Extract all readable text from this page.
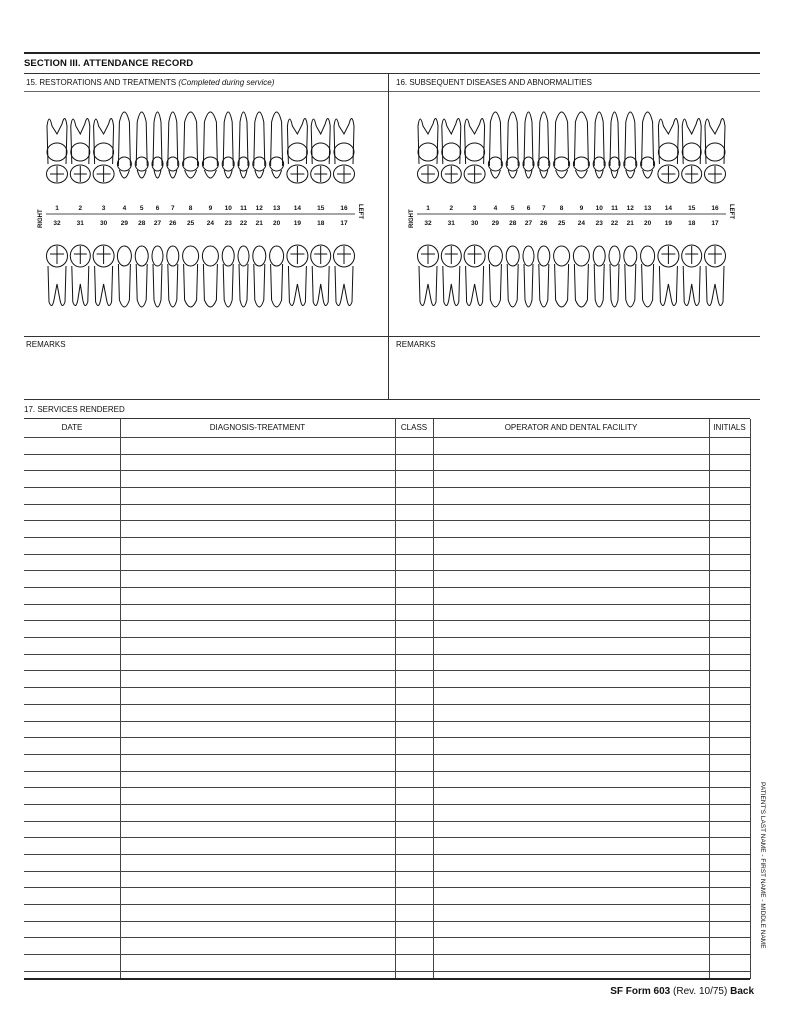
SECTION III. ATTENDANCE RECORD
15. RESTORATIONS AND TREATMENTS (Completed during service)	16. SUBSEQUENT DISEASES AND ABNORMALITIES
1
32
2
31
3
30
4
29
5
28
6
27
7
26
8
25
9
24
10
23
11
22
12
21
13
20
14
19
15
18
16
17
RIGHT	LEFT	1
32
2
31
3
30
4
29
5
28
6
27
7
26
8
25
9
24
10
23
11
22
12
21
13
20
14
19
15
18
16
17
RIGHT	LEFT
REMARKS	REMARKS
17. SERVICES RENDERED
DATE	DIAGNOSIS-TREATMENT	CLASS	OPERATOR AND DENTAL FACILITY	INITIALS
PATIENT'S LAST NAME - FIRST NAME - MIDDLE NAME
SF Form 603 (Rev. 10/75) Back
